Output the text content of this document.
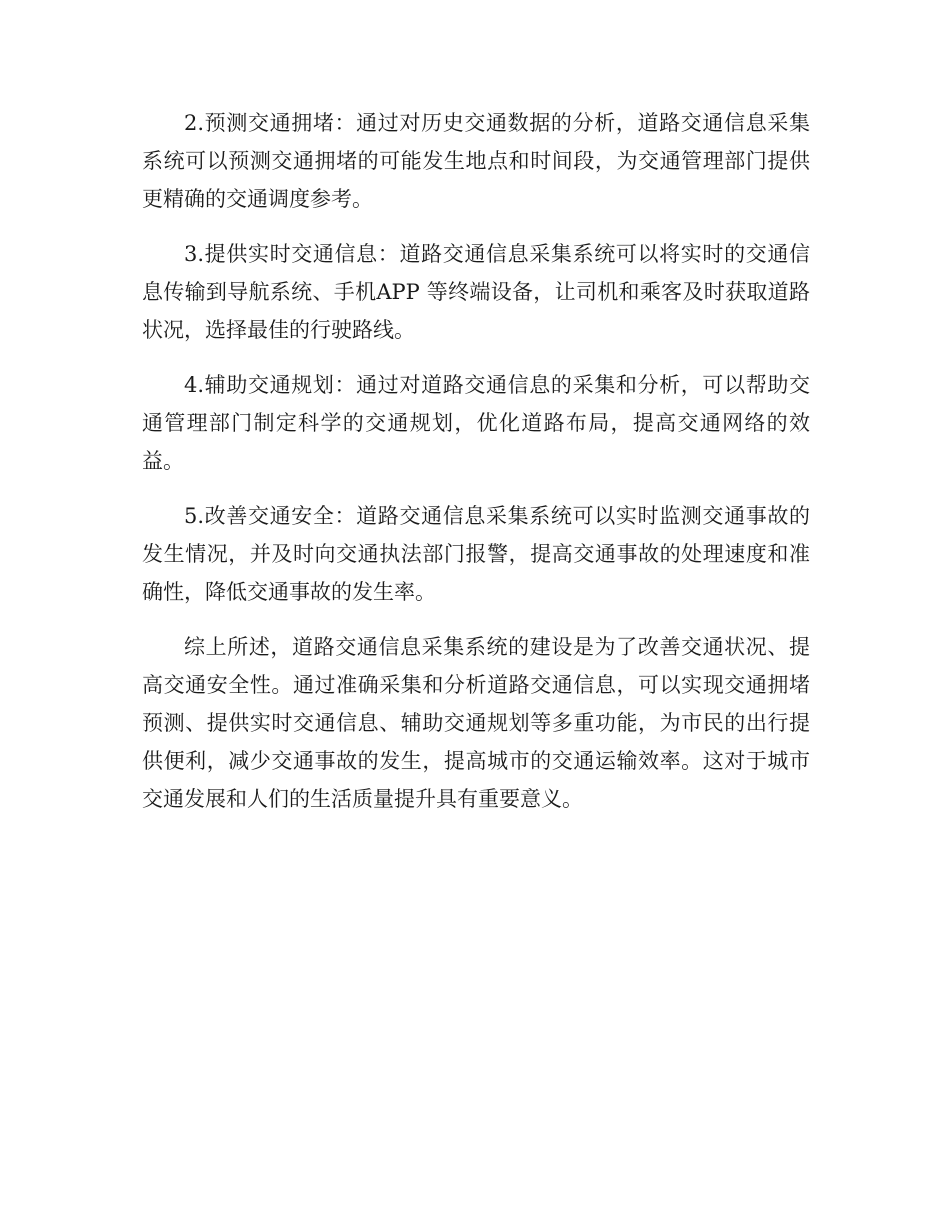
2.预测交通拥堵：通过对历史交通数据的分析，道路交通信息采集系统可以预测交通拥堵的可能发生地点和时间段，为交通管理部门提供更精确的交通调度参考。

3.提供实时交通信息：道路交通信息采集系统可以将实时的交通信息传输到导航系统、手机APP 等终端设备，让司机和乘客及时获取道路状况，选择最佳的行驶路线。

4.辅助交通规划：通过对道路交通信息的采集和分析，可以帮助交通管理部门制定科学的交通规划，优化道路布局，提高交通网络的效益。

5.改善交通安全：道路交通信息采集系统可以实时监测交通事故的发生情况，并及时向交通执法部门报警，提高交通事故的处理速度和准确性，降低交通事故的发生率。

综上所述，道路交通信息采集系统的建设是为了改善交通状况、提高交通安全性。通过准确采集和分析道路交通信息，可以实现交通拥堵预测、提供实时交通信息、辅助交通规划等多重功能，为市民的出行提供便利，减少交通事故的发生，提高城市的交通运输效率。这对于城市交通发展和人们的生活质量提升具有重要意义。
